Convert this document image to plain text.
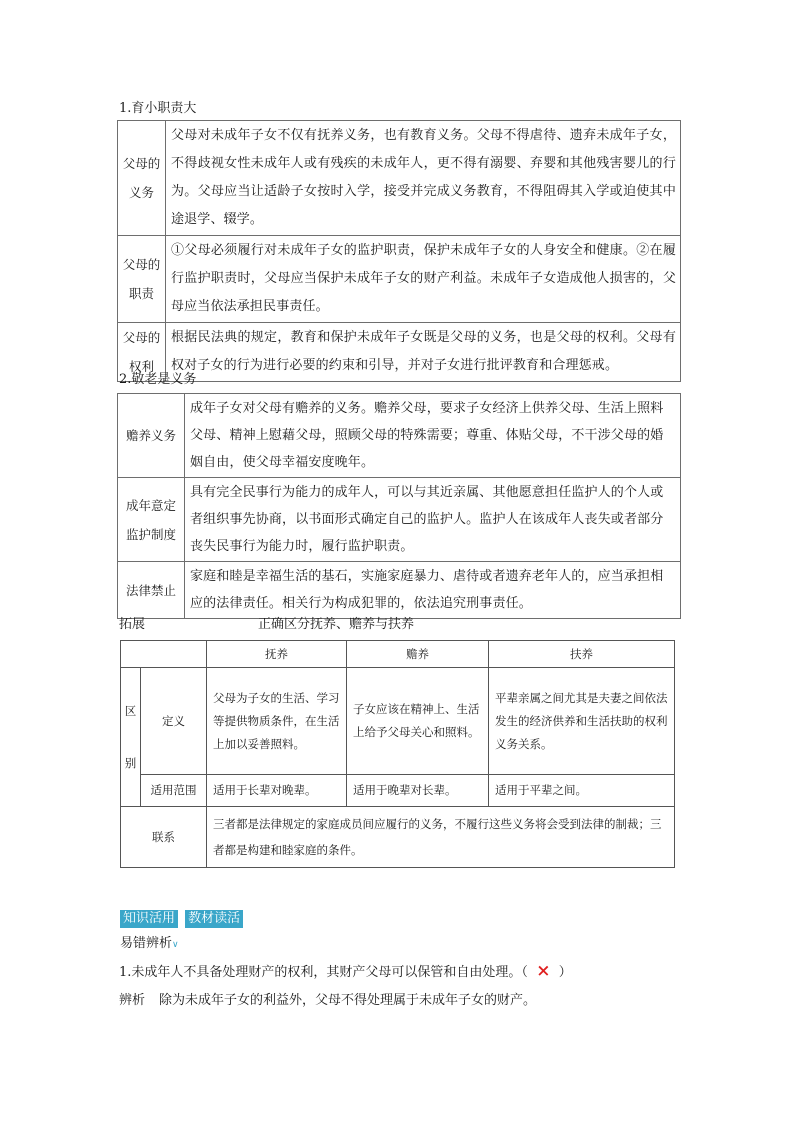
1.育小职责大
父母的
义务	父母对未成年子女不仅有抚养义务，也有教育义务。父母不得虐待、遗弃未成年子女，不得歧视女性未成年人或有残疾的未成年人，更不得有溺婴、弃婴和其他残害婴儿的行为。父母应当让适龄子女按时入学，接受并完成义务教育，不得阻碍其入学或迫使其中途退学、辍学。
父母的
职责	①父母必须履行对未成年子女的监护职责，保护未成年子女的人身安全和健康。②在履行监护职责时，父母应当保护未成年子女的财产利益。未成年子女造成他人损害的，父母应当依法承担民事责任。
父母的
权利	根据民法典的规定，教育和保护未成年子女既是父母的义务，也是父母的权利。父母有权对子女的行为进行必要的约束和引导，并对子女进行批评教育和合理惩戒。
2.敬老是义务
赡养义务	成年子女对父母有赡养的义务。赡养父母，要求子女经济上供养父母、生活上照料父母、精神上慰藉父母，照顾父母的特殊需要；尊重、体贴父母，不干涉父母的婚姻自由，使父母幸福安度晚年。
成年意定
监护制度	具有完全民事行为能力的成年人，可以与其近亲属、其他愿意担任监护人的个人或者组织事先协商，以书面形式确定自己的监护人。监护人在该成年人丧失或者部分丧失民事行为能力时，履行监护职责。
法律禁止	家庭和睦是幸福生活的基石，实施家庭暴力、虐待或者遗弃老年人的，应当承担相应的法律责任。相关行为构成犯罪的，依法追究刑事责任。
拓展	正确区分抚养、赡养与扶养
		抚养	赡养	扶养
区

别	定义	父母为子女的生活、学习等提供物质条件，在生活上加以妥善照料。	子女应该在精神上、生活上给予父母关心和照料。	平辈亲属之间尤其是夫妻之间依法发生的经济供养和生活扶助的权利义务关系。
	适用范围	适用于长辈对晚辈。	适用于晚辈对长辈。	适用于平辈之间。
联系		三者都是法律规定的家庭成员间应履行的义务，不履行这些义务将会受到法律的制裁；三者都是构建和睦家庭的条件。		
知识活用 教材读活
易错辨析∨
1.未成年人不具备处理财产的权利，其财产父母可以保管和自由处理。（ × ）
辨析 除为未成年子女的利益外，父母不得处理属于未成年子女的财产。
